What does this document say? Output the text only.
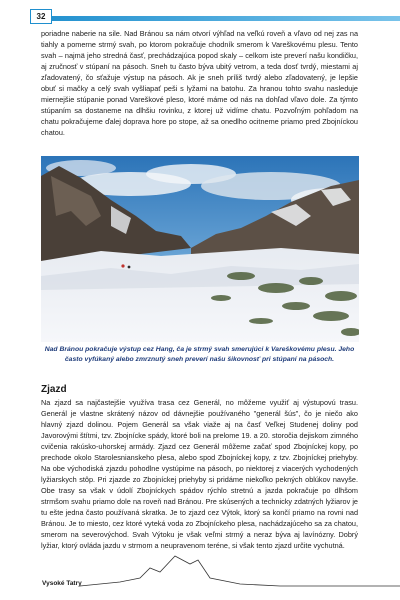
32

poriadne naberie na sile. Nad Bránou sa nám otvorí výhľad na veľkú roveň a vľavo od nej zas na tiahly a pomerne strmý svah, po ktorom pokračuje chodník smerom k Vareškovému plesu. Tento svah – najmä jeho stredná časť, prechádzajúca popod skaly – celkom iste preverí našu kondičku, aj zručnosť v stúpaní na pásoch. Sneh tu často býva ubitý vetrom, a teda dosť tvrdý, miestami aj zľadovatený, čo sťažuje výstup na pásoch. Ak je sneh príliš tvrdý alebo zľadovatený, je lepšie obuť si mačky a celý svah vyšliapať peši s lyžami na batohu. Za hranou tohto svahu nasleduje miernejšie stúpanie ponad Vareškové pleso, ktoré máme od nás na dohľad vľavo dole. Za týmto stúpaním sa dostaneme na dlhšiu rovinku, z ktorej už vidíme chatu. Pozvoľným pohľadom na chatu pokračujeme ďalej doprava hore po stope, až sa onedlho ocitneme priamo pred Zbojníckou chatou.

Nad Bránou pokračuje výstup cez Hang, ča je strmý svah smerujúci k Vareškovému plesu. Jeho často vyfúkaný alebo zmrznutý sneh preverí našu šikovnosť pri stúpaní na pásoch.

Zjazd

Na zjazd sa najčastejšie využíva trasa cez Generál, no môžeme využiť aj výstupovú trasu. Generál je vlastne skrátený názov od dávnejšie používaného "generál šús", čo je niečo ako hlavný zjazd dolinou. Pojem Generál sa však viaže aj na časť Veľkej Studenej doliny pod Javorovými štítmi, tzv. Zbojnícke spády, ktoré boli na prelome 19. a 20. storočia dejiskom zimného cvičenia rakúsko-uhorskej armády. Zjazd cez Generál môžeme začať spod Zbojníckej kopy, po prechode okolo Starolesnianskeho plesa, alebo spod Zbojníckej kopy, z tzv. Zbojníckej priehyby. Na obe východiská zjazdu pohodlne vystúpime na pásoch, po niektorej z viacerých vychodených lyžiarskych stôp. Pri zjazde zo Zbojníckej priehyby si pridáme niekoľko pekných oblúkov navyše. Obe trasy sa však v údolí Zbojníckych spádov rýchlo stretnú a jazda pokračuje po dlhšom strmšom svahu priamo dole na roveň nad Bránou. Pre skúsených a technicky zdatných lyžiarov je tu ešte jedna často používaná skratka. Je to zjazd cez Výtok, ktorý sa končí priamo na rovni nad Bránou. Je to miesto, cez ktoré vyteká voda zo Zbojníckeho plesa, nachádzajúceho sa za chatou, smerom na severovýchod. Svah Výtoku je však veľmi strmý a neraz býva aj lavínózny. Dobrý lyžiar, ktorý ovláda jazdu v strmom a neupravenom teréne, si však tento zjazd určite vychutná.

Vysoké Tatry
